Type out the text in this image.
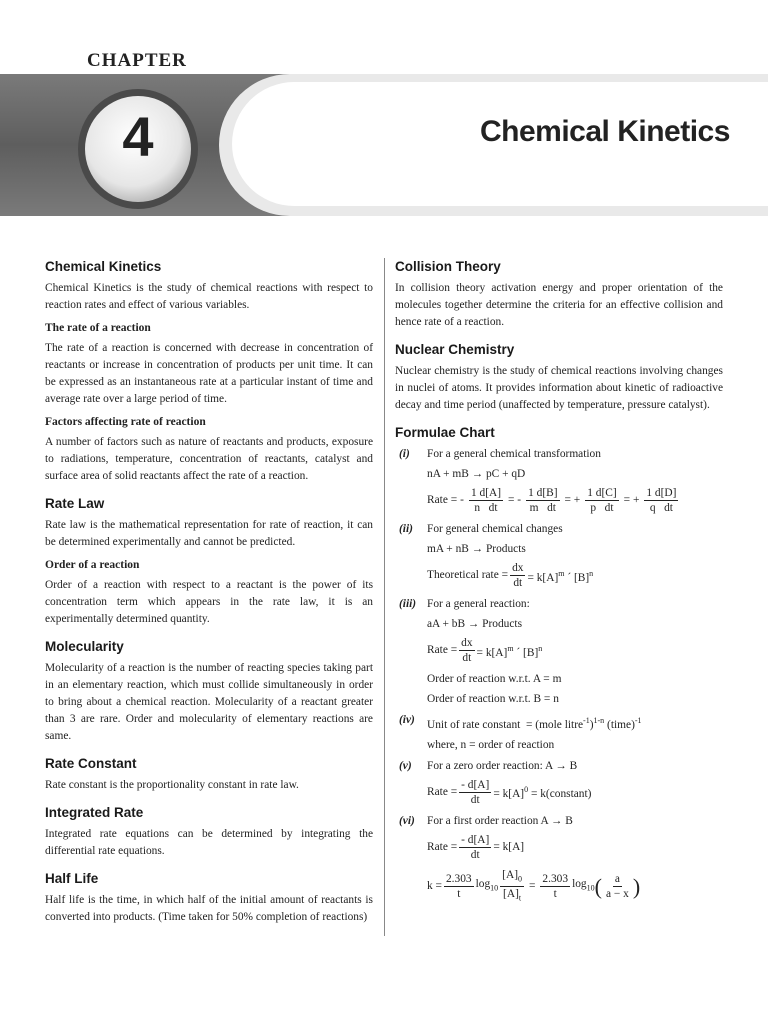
CHAPTER
4	Chemical Kinetics
Chemical Kinetics

Chemical Kinetics is the study of chemical reactions with respect to reaction rates and effect of various variables.

The rate of a reaction

The rate of a reaction is concerned with decrease in concentration of reactants or increase in concentration of products per unit time. It can be expressed as an instantaneous rate at a particular instant of time and average rate over a large period of time.

Factors affecting rate of reaction

A number of factors such as nature of reactants and products, exposure to radiations, temperature, concentration of reactants, catalyst and surface area of solid reactants affect the rate of a reaction.

Rate Law

Rate law is the mathematical representation for rate of reaction, it can be determined experimentally and cannot be predicted.

Order of a reaction

Order of a reaction with respect to a reactant is the power of its concentration term which appears in the rate law, it is an experimentally determined quantity.

Molecularity

Molecularity of a reaction is the number of reacting species taking part in an elementary reaction, which must collide simultaneously in order to bring about a chemical reaction. Molecularity of a reactant greater than 3 are rare. Order and molecularity of elementary reactions are same.

Rate Constant

Rate constant is the proportionality constant in rate law.

Integrated Rate

Integrated rate equations can be determined by integrating the differential rate equations.

Half Life

Half life is the time, in which half of the initial amount of reactants is converted into products. (Time taken for 50% completion of reactions)

Collision Theory

In collision theory activation energy and proper orientation of the molecules together determine the criteria for an effective collision and hence rate of a reaction.

Nuclear Chemistry

Nuclear chemistry is the study of chemical reactions involving changes in nuclei of atoms. It provides information about kinetic of radioactive decay and time period (unaffected by temperature, pressure catalyst).

Formulae Chart
(i) For a general chemical transformation
nA + mB → pC + qD
Rate = - $\frac{1 d[A]}{\text{n   dt}}$ = - $\frac{1 d[B]}{\text{m   dt}}$ = + $\frac{1 d[C]}{\text{p   dt}}$ = + $\frac{1 d[D]}{\text{q   dt}}$
(ii) For general chemical changes
mA + nB → Products
Theoretical rate = $\frac{dx}{dt} = k[A]^m$ ´ $[B]^n$
(iii) For a general reaction:
aA + bB → Products
Rate = $\frac{dx}{dt} = k[A]^m$ ´ $[B]^n$
Order of reaction w.r.t. A = m
Order of reaction w.r.t. B = n
(iv) Unit of rate constant  = (mole litre$^{-1}$)$^{1-n}$ (time)$^{-1}$
where, n = order of reaction
(v) For a zero order reaction: A → B
Rate = $\frac{- d[A]}{dt} = k[A]^0$ = k(constant)
(vi) For a first order reaction A → B
Rate = $\frac{- d[A]}{dt} = k[A]$
$k = \frac{2.303}{t} \log_{10} \frac{[A]_0}{[A]_t} = \frac{2.303}{t} \log_{10}$ ( $\frac{a}{a - x}$ )
